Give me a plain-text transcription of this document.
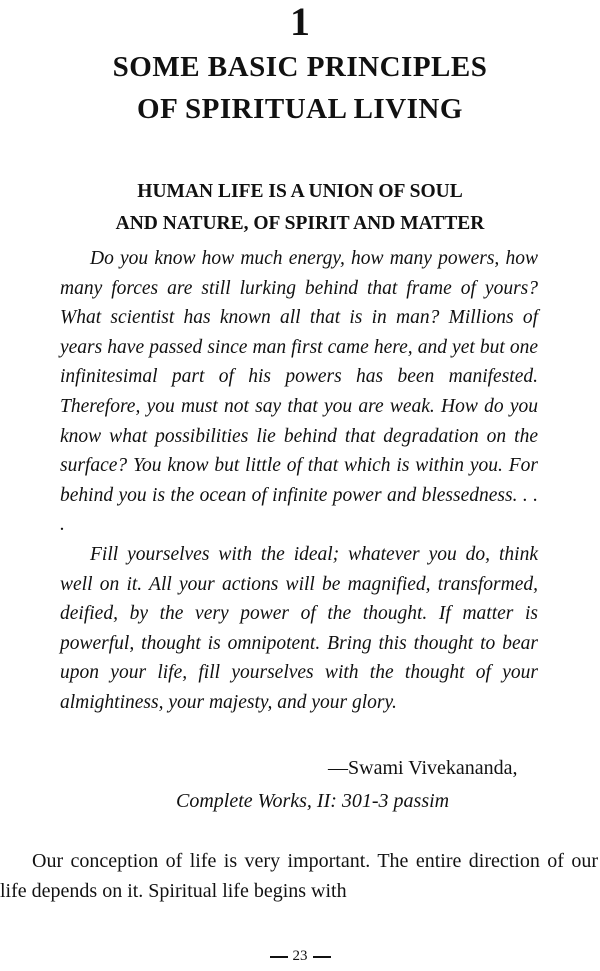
1
SOME BASIC PRINCIPLES
OF SPIRITUAL LIVING
HUMAN LIFE IS A UNION OF SOUL
AND NATURE, OF SPIRIT AND MATTER

Do you know how much energy, how many powers, how many forces are still lurking behind that frame of yours? What scientist has known all that is in man? Millions of years have passed since man first came here, and yet but one infinitesimal part of his powers has been manifested. Therefore, you must not say that you are weak. How do you know what possibilities lie behind that degradation on the surface? You know but little of that which is within you. For behind you is the ocean of infinite power and blessedness. . . .

Fill yourselves with the ideal; whatever you do, think well on it. All your actions will be magnified, transformed, deified, by the very power of the thought. If matter is powerful, thought is omnipotent. Bring this thought to bear upon your life, fill yourselves with the thought of your almightiness, your majesty, and your glory.

—Swami Vivekananda,
Complete Works, II: 301-3 passim

Our conception of life is very important. The entire direction of our life depends on it. Spiritual life begins with

23
